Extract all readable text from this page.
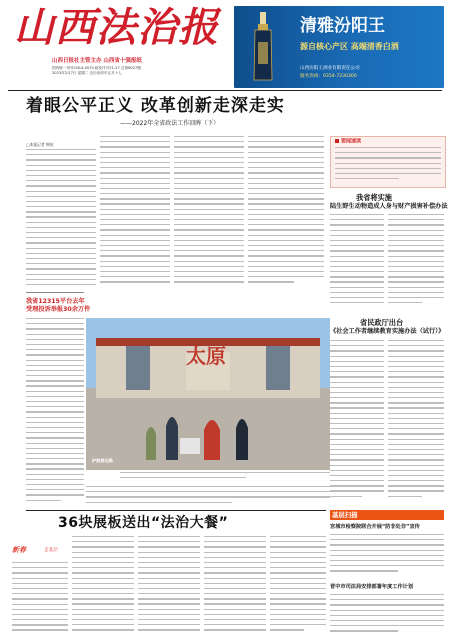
山西法治报
山西日报社主管主办 山西省十强报纸
国内统一刊号CN14-0070 邮发代号21-27 总第6027期
2023年2月7日 星期二 农历癸卯年正月十七
清雅汾阳王
源自核心产区 高端清香白酒
山西汾阳王酒业有限责任公司
服务热线：0354-7230300
着眼公平正义 改革创新走深走实
——2022年全省政法工作回眸（下）
□本报记者 韩弦	要闻速读
我省将实施
陆生野生动物造成人身与财产损害补偿办法
我省12315平台去年
受理投诉举报30余万件
太原
护航春运路
省民政厅出台
《社会工作者继续教育实施办法（试行）》
36块展板送出“法治大餐”
新春	走基层
基层扫描
宫城市检察院联合开展“防非处非”宣传
晋中市司法局安排部署年度工作计划
